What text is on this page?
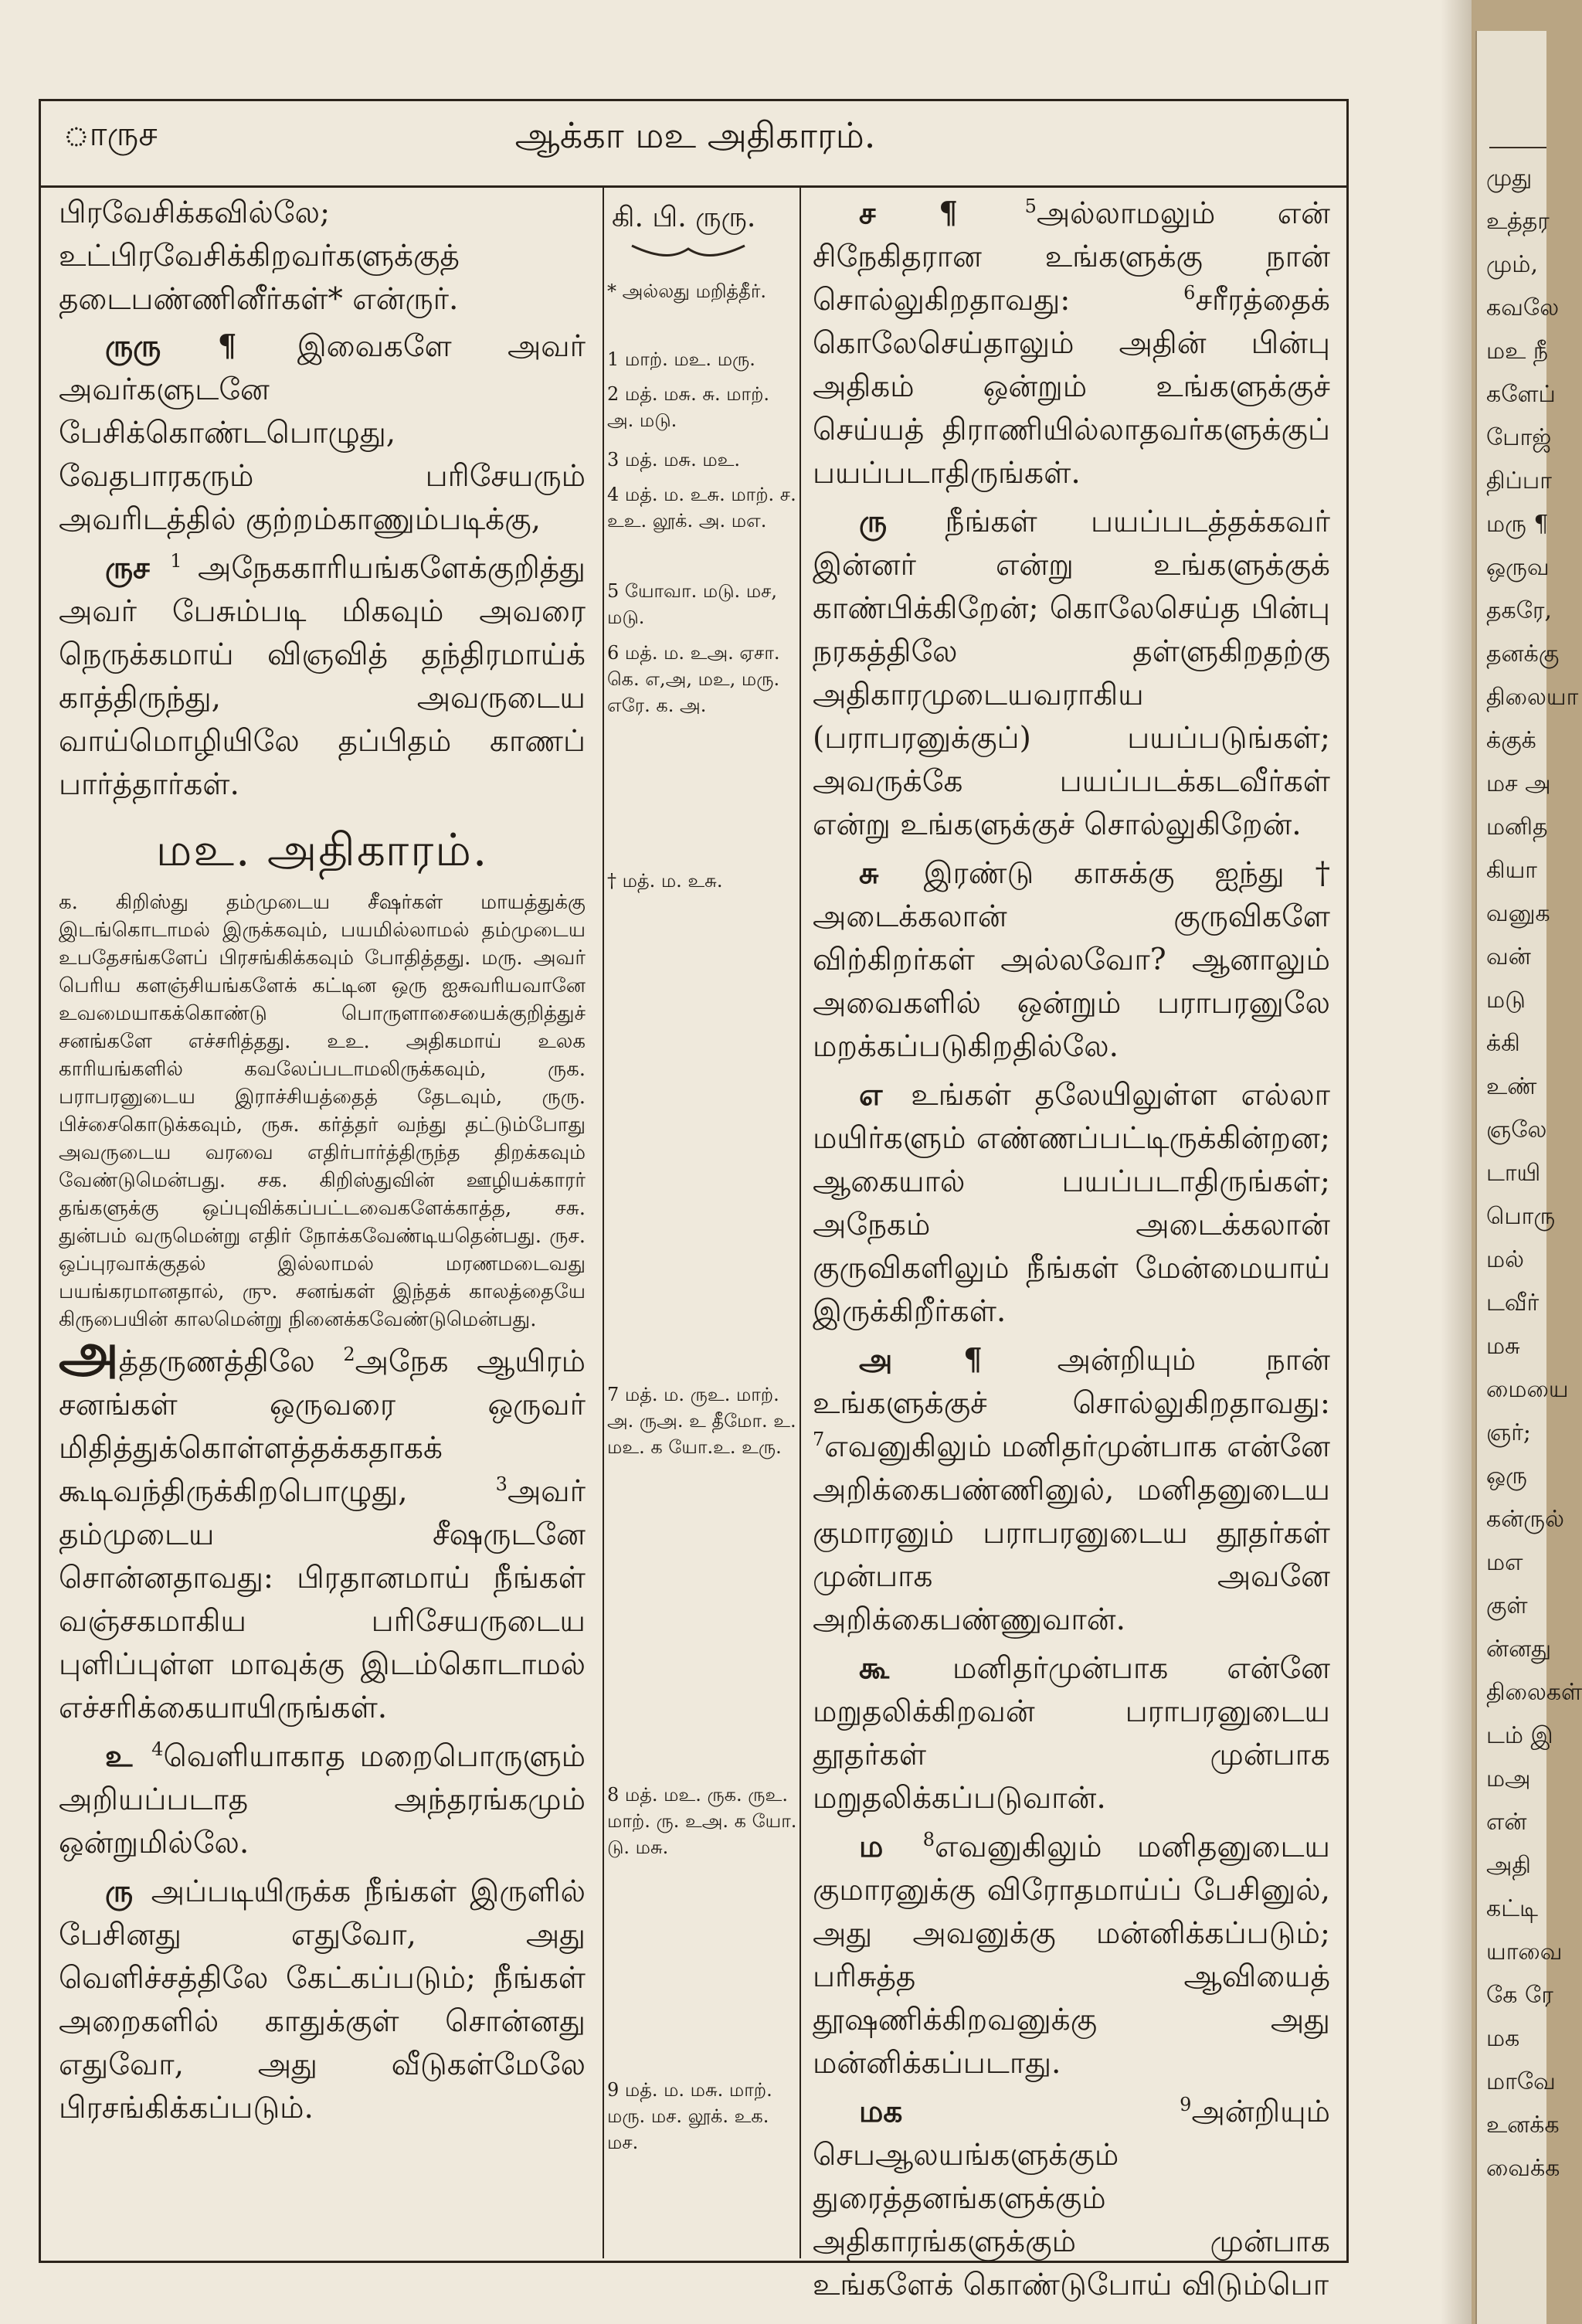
ாருச	ஆக்கா மஉ அதிகாரம்.

பிரவேசிக்கவில்லே; உட்பிரவேசிக்கிறவர்களுக்குத் தடைபண்ணினீர்கள்* என்ருர்.

ருரு ¶ இவைகளே அவர் அவர்களுடனே பேசிக்கொண்டபொழுது, வேதபாரகரும் பரிசேயரும் அவரிடத்தில் குற்றம்காணும்படிக்கு,

ருச $^1$ அநேககாரியங்களேக்குறித்து அவர் பேசும்படி மிகவும் அவரை நெருக்கமாய் விஞவித் தந்திரமாய்க் காத்திருந்து, அவருடைய வாய்மொழியிலே தப்பிதம் காணப் பார்த்தார்கள்.

மஉ. அதிகாரம்.

க. கிறிஸ்து தம்முடைய சீஷர்கள் மாயத்துக்கு இடங்கொடாமல் இருக்கவும், பயமில்லாமல் தம்முடைய உபதேசங்களேப் பிரசங்கிக்கவும் போதித்தது. மரு. அவர் பெரிய களஞ்சியங்களேக் கட்டின ஒரு ஐசுவரியவானே உவமையாகக்கொண்டு பொருளாசையைக்குறித்துச் சனங்களே எச்சரித்தது. உஉ. அதிகமாய் உலக காரியங்களில் கவலேப்படாமலிருக்கவும், ருக. பராபரனுடைய இராச்சியத்தைத் தேடவும், ருரு. பிச்சைகொடுக்கவும், ருசு. கர்த்தர் வந்து தட்டும்போது அவருடைய வரவை எதிர்பார்த்திருந்த திறக்கவும் வேண்டுமென்பது. சக. கிறிஸ்துவின் ஊழியக்காரர் தங்களுக்கு ஒப்புவிக்கப்பட்டவைகளேக்காத்த, சசு. துன்பம் வருமென்று எதிர் நோக்கவேண்டியதென்பது. ருச. ஒப்புரவாக்குதல் இல்லாமல் மரணமடைவது பயங்கரமானதால், ருு. சனங்கள் இந்தக் காலத்தையே கிருபையின் காலமென்று நினைக்கவேண்டுமென்பது.

அத்தருணத்திலே $^2$அநேக ஆயிரம் சனங்கள் ஒருவரை ஒருவர் மிதித்துக்கொள்ளத்தக்கதாகக் கூடிவந்திருக்கிறபொழுது,	$^3$அவர் தம்முடைய சீஷருடனே சொன்னதாவது: பிரதானமாய் நீங்கள் வஞ்சகமாகிய பரிசேயருடைய புளிப்புள்ள மாவுக்கு இடம்கொடாமல் எச்சரிக்கையாயிருங்கள்.

உ $^4$வெளியாகாத மறைபொருளும் அறியப்படாத அந்தரங்கமும் ஒன்றுமில்லே.

ரு அப்படியிருக்க நீங்கள் இருளில் பேசினது எதுவோ, அது வெளிச்சத்திலே கேட்கப்படும்; நீங்கள் அறைகளில் காதுக்குள் சொன்னது எதுவோ, அது வீடுகள்மேலே பிரசங்கிக்கப்படும்.

கி. பி. ருரு.
* அல்லது மறித்தீர்.
1 மாற். மஉ. மரு.
2 மத். மசு. சு. மாற். அ. மடு.
3 மத். மசு. மஉ.
4 மத். ம. உசு. மாற். ச. உஉ. லூக். அ. மஎ.
5 யோவா. மடு. மச, மடு.
6 மத். ம. உஅ. ஏசா. கெ. எ,அ, மஉ, மரு. எரே. க. அ.
† மத். ம. உசு.
7 மத். ம. ருஉ. மாற். அ. ருஅ. உ தீமோ. உ. மஉ. க யோ.உ. உரு.
8 மத். மஉ. ருக. ருஉ. மாற். ரு. உஅ. க யோ. டு. மசு.
9 மத். ம. மசு. மாற். மரு. மச. லூக். உக. மச.

ச ¶	$^5$அல்லாமலும் என் சிநேகிதரான உங்களுக்கு நான் சொல்லுகிறதாவது:	$^6$சரீரத்தைக் கொலேசெய்தாலும் அதின் பின்பு அதிகம் ஒன்றும் உங்களுக்குச் செய்யத் திராணியில்லாதவர்களுக்குப் பயப்படாதிருங்கள்.

ரு நீங்கள் பயப்படத்தக்கவர் இன்னர் என்று உங்களுக்குக் காண்பிக்கிறேன்; கொலேசெய்த பின்பு நரகத்திலே தள்ளுகிறதற்கு அதிகாரமுடையவராகிய (பராபரனுக்குப்) பயப்படுங்கள்; அவருக்கே பயப்படக்கடவீர்கள் என்று உங்களுக்குச் சொல்லுகிறேன்.

சு இரண்டு காசுக்கு ஐந்து† அடைக்கலான் குருவிகளே விற்கிறர்கள் அல்லவோ? ஆனாலும் அவைகளில் ஒன்றும் பராபரனுலே மறக்கப்படுகிறதில்லே.

எ உங்கள் தலேயிலுள்ள எல்லா மயிர்களும் எண்ணப்பட்டிருக்கின்றன; ஆகையால் பயப்படாதிருங்கள்; அநேகம் அடைக்கலான் குருவிகளிலும் நீங்கள் மேன்மையாய் இருக்கிறீர்கள்.

அ ¶ அன்றியும் நான் உங்களுக்குச் சொல்லுகிறதாவது: $^7$எவனுகிலும் மனிதர்முன்பாக என்னே அறிக்கைபண்ணினுல், மனிதனுடைய குமாரனும் பராபரனுடைய தூதர்கள் முன்பாக அவனே அறிக்கைபண்ணுவான்.

கூ மனிதர்முன்பாக என்னே மறுதலிக்கிறவன் பராபரனுடைய தூதர்கள் முன்பாக மறுதலிக்கப்படுவான்.

ம $^8$எவனுகிலும் மனிதனுடைய குமாரனுக்கு விரோதமாய்ப் பேசினுல், அது அவனுக்கு மன்னிக்கப்படும்; பரிசுத்த ஆவியைத் தூஷணிக்கிறவனுக்கு அது மன்னிக்கப்படாது.

மக	$^9$அன்றியும் செபஆலயங்களுக்கும் துரைத்தனங்களுக்கும் அதிகாரங்களுக்கும் முன்பாக உங்களேக் கொண்டுபோய் விடும்பொ

முது
உத்தர
மும்,
கவலே
மஉ நீ
களேப்
போஜ்
திப்பா
மரு ¶
ஒருவ
தகரே,
தனக்கு
திலையா
க்குக்
மச அ
மனித
கியா
வனுக
வன்
மடு
க்கி
உண்
ஞலே
டாயி
பொரு
மல்
டவீர்
மசு
மையை
ஞர்;
ஒரு
கன்ருல்
மஎ
குள்
ன்னது
திலைகள்
டம் இ
மஅ
என்
அதி
கட்டி
யாவை
கே ரே
மக
மாவே
உனக்க
வைக்க
